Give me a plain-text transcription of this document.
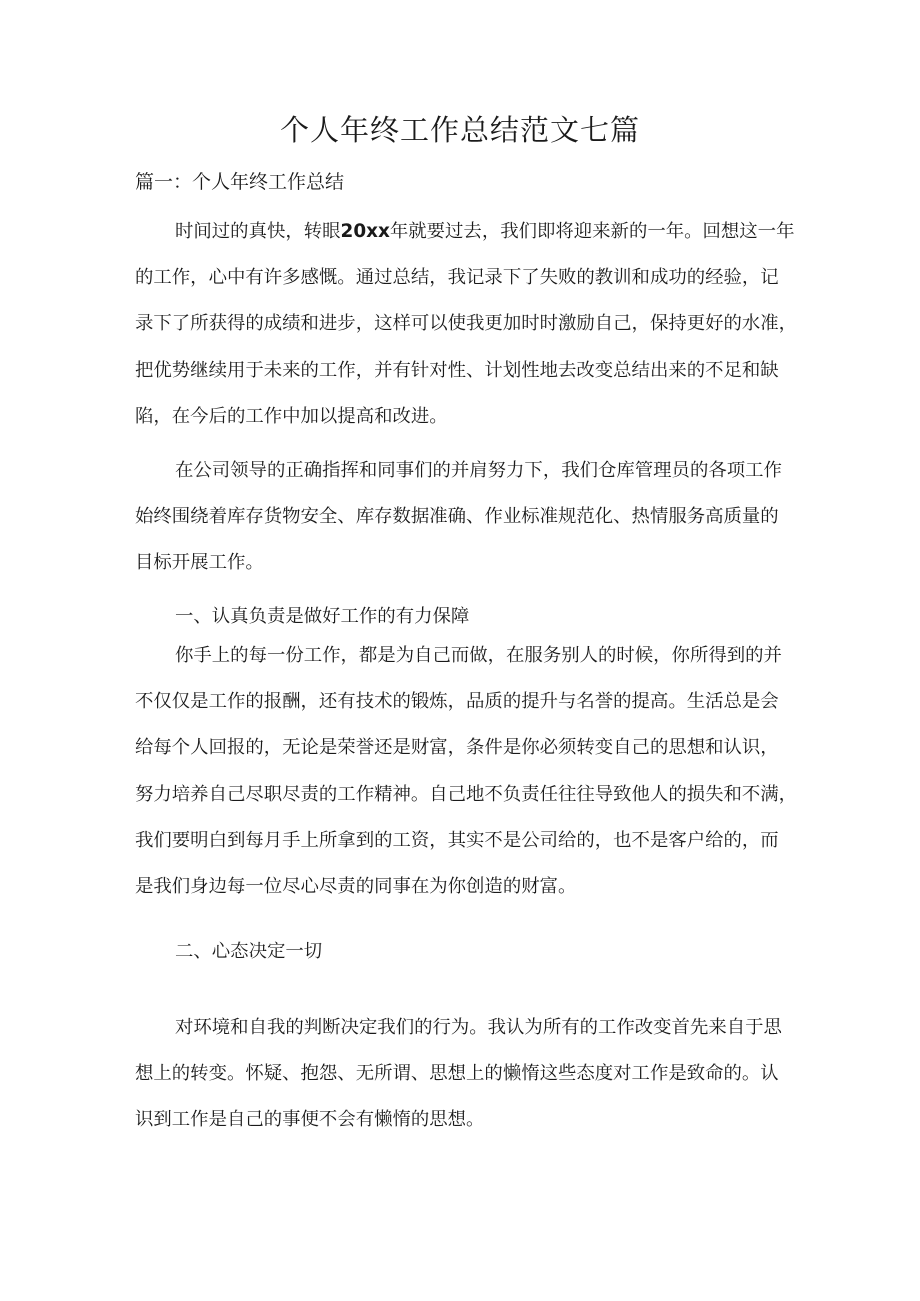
个人年终工作总结范文七篇
篇一：个人年终工作总结

时间过的真快，转眼20xx年就要过去，我们即将迎来新的一年。回想这一年
的工作，心中有许多感慨。通过总结，我记录下了失败的教训和成功的经验，记
录下了所获得的成绩和进步，这样可以使我更加时时激励自己，保持更好的水准，
把优势继续用于未来的工作，并有针对性、计划性地去改变总结出来的不足和缺
陷，在今后的工作中加以提高和改进。

在公司领导的正确指挥和同事们的并肩努力下，我们仓库管理员的各项工作
始终围绕着库存货物安全、库存数据准确、作业标准规范化、热情服务高质量的
目标开展工作。

一、认真负责是做好工作的有力保障

你手上的每一份工作，都是为自己而做，在服务别人的时候，你所得到的并
不仅仅是工作的报酬，还有技术的锻炼，品质的提升与名誉的提高。生活总是会
给每个人回报的，无论是荣誉还是财富，条件是你必须转变自己的思想和认识，
努力培养自己尽职尽责的工作精神。自己地不负责任往往导致他人的损失和不满，
我们要明白到每月手上所拿到的工资，其实不是公司给的，也不是客户给的，而
是我们身边每一位尽心尽责的同事在为你创造的财富。

二、心态决定一切

对环境和自我的判断决定我们的行为。我认为所有的工作改变首先来自于思
想上的转变。怀疑、抱怨、无所谓、思想上的懒惰这些态度对工作是致命的。认
识到工作是自己的事便不会有懒惰的思想。
